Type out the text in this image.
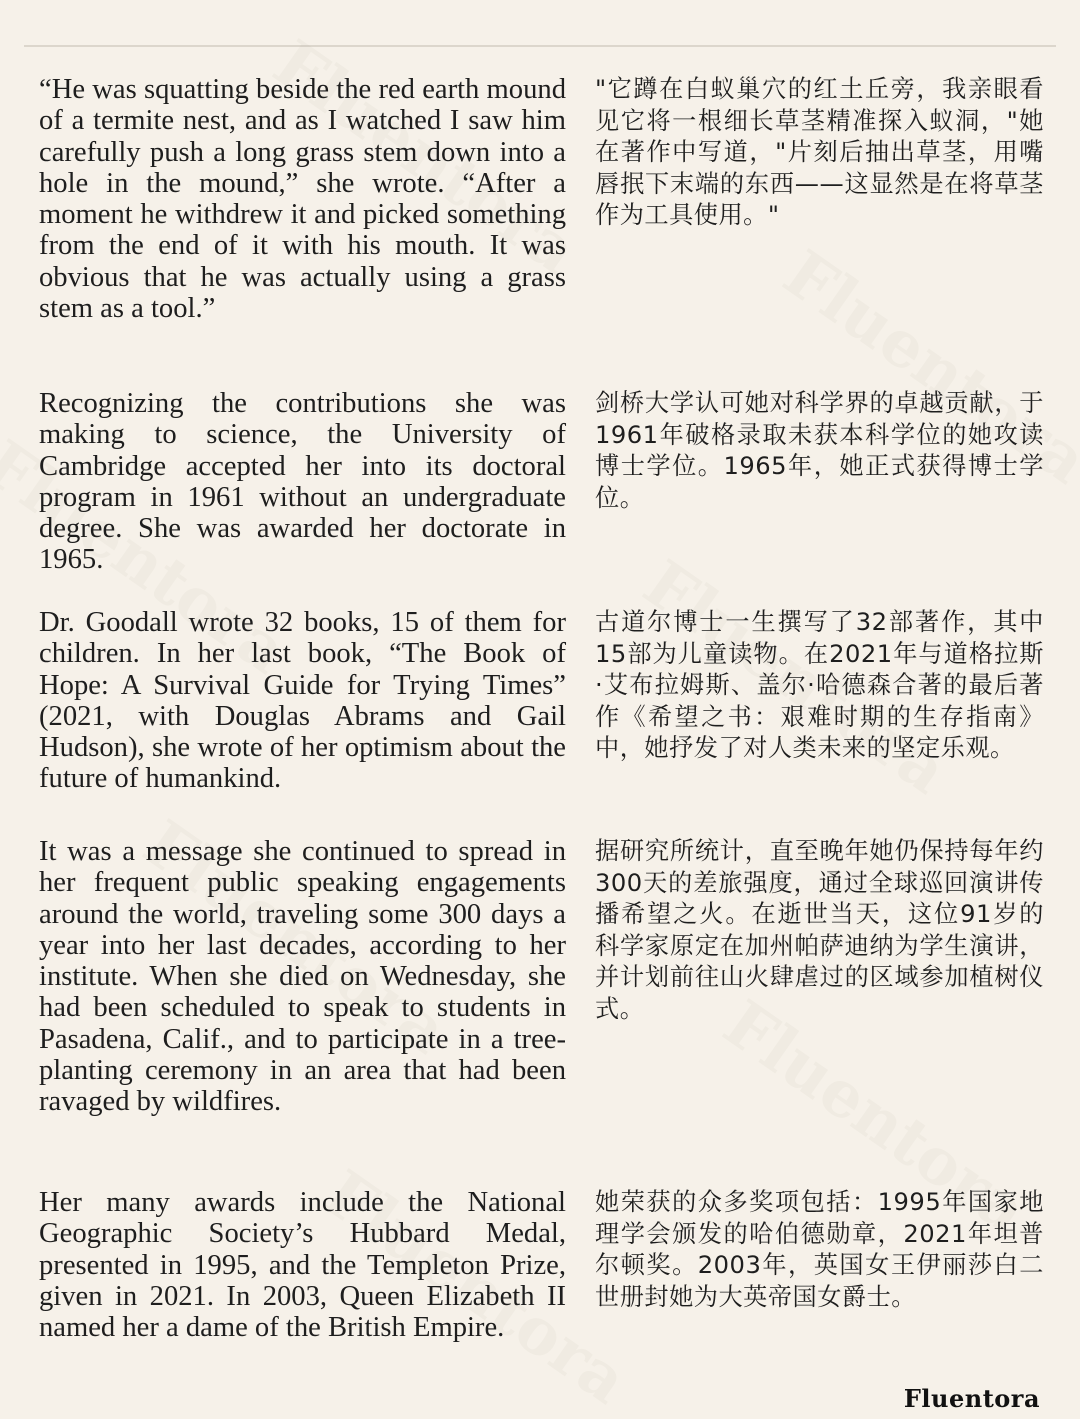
“He was squatting beside the red earth mound of a termite nest, and as I watched I saw him carefully push a long grass stem down into a hole in the mound,” she wrote. “After a moment he withdrew it and picked something from the end of it with his mouth. It was obvious that he was actually using a grass stem as a tool.”

"它蹲在白蚁巢穴的红土丘旁，我亲眼看见它将一根细长草茎精准探入蚁洞，"她在著作中写道，"片刻后抽出草茎，用嘴唇抿下末端的东西——这显然是在将草茎作为工具使用。"

Recognizing the contributions she was making to science, the University of Cambridge accepted her into its doctoral program in 1961 without an undergraduate degree. She was awarded her doctorate in 1965.

剑桥大学认可她对科学界的卓越贡献，于1961年破格录取未获本科学位的她攻读博士学位。1965年，她正式获得博士学位。

Dr. Goodall wrote 32 books, 15 of them for children. In her last book, “The Book of Hope: A Survival Guide for Trying Times” (2021, with Douglas Abrams and Gail Hudson), she wrote of her optimism about the future of humankind.

古道尔博士一生撰写了32部著作，其中15部为儿童读物。在2021年与道格拉斯·艾布拉姆斯、盖尔·哈德森合著的最后著作《希望之书：艰难时期的生存指南》中，她抒发了对人类未来的坚定乐观。

It was a message she continued to spread in her frequent public speaking engagements around the world, traveling some 300 days a year into her last decades, according to her institute. When she died on Wednesday, she had been scheduled to speak to students in Pasadena, Calif., and to participate in a tree-planting ceremony in an area that had been ravaged by wildfires.

据研究所统计，直至晚年她仍保持每年约300天的差旅强度，通过全球巡回演讲传播希望之火。在逝世当天，这位91岁的科学家原定在加州帕萨迪纳为学生演讲，并计划前往山火肆虐过的区域参加植树仪式。

Her many awards include the National Geographic Society’s Hubbard Medal, presented in 1995, and the Templeton Prize, given in 2021. In 2003, Queen Elizabeth II named her a dame of the British Empire.

她荣获的众多奖项包括：1995年国家地理学会颁发的哈伯德勋章，2021年坦普尔顿奖。2003年，英国女王伊丽莎白二世册封她为大英帝国女爵士。

Fluentora
